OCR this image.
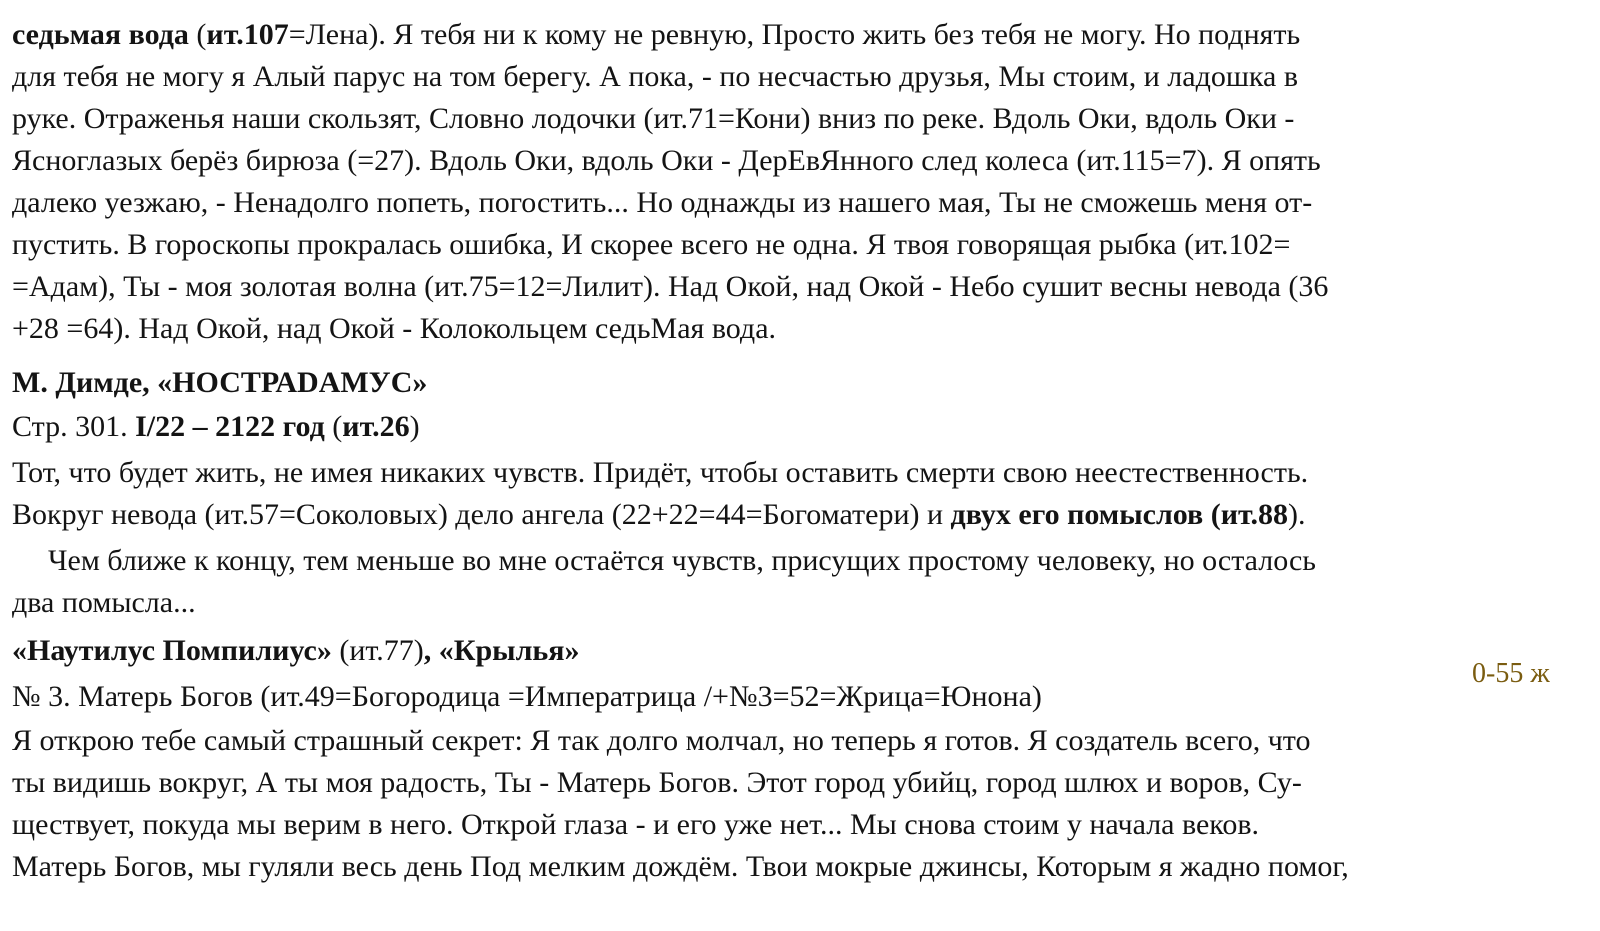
седьмая вода (ит.107=Лена). Я тебя ни к кому не ревную, Просто жить без тебя не могу. Но поднять
для тебя не могу я Алый парус на том берегу. А пока, - по несчастью друзья, Мы стоим, и ладошка в
руке. Отраженья наши скользят, Словно лодочки (ит.71=Кони) вниз по реке. Вдоль Оки, вдоль Оки -
Ясноглазых берёз бирюза (=27). Вдоль Оки, вдоль Оки - ДерЕвЯнного след колеса (ит.115=7). Я опять
далеко уезжаю, - Ненадолго попеть, погостить... Но однажды из нашего мая, Ты не сможешь меня от-
пустить. В гороскопы прокралась ошибка, И скорее всего не одна. Я твоя говорящая рыбка (ит.102=
=Адам), Ты - моя золотая волна (ит.75=12=Лилит). Над Окой, над Окой - Небо сушит весны невода (36
+28 =64). Над Окой, над Окой - Колокольцем седьМая вода.
М. Димде, «НОСТРАDАМУС»
Стр. 301. I/22 – 2122 год (ит.26)
Тот, что будет жить, не имея никаких чувств. Придёт, чтобы оставить смерти свою неестественность.
Вокруг невода (ит.57=Соколовых) дело ангела (22+22=44=Богоматери) и двух его помыслов (ит.88).
Чем ближе к концу, тем меньше во мне остаётся чувств, присущих простому человеку, но осталось
два помысла...
«Наутилус Помпилиус» (ит.77), «Крылья»
№ 3. Матерь Богов (ит.49=Богородица =Императрица /+№3=52=Жрица=Юнона)
Я открою тебе самый страшный секрет: Я так долго молчал, но теперь я готов. Я создатель всего, что
ты видишь вокруг, А ты моя радость, Ты - Матерь Богов. Этот город убийц, город шлюх и воров, Су-
ществует, покуда мы верим в него. Открой глаза - и его уже нет... Мы снова стоим у начала веков.
Матерь Богов, мы гуляли весь день Под мелким дождём. Твои мокрые джинсы, Которым я жадно помог,
0-55 ж
